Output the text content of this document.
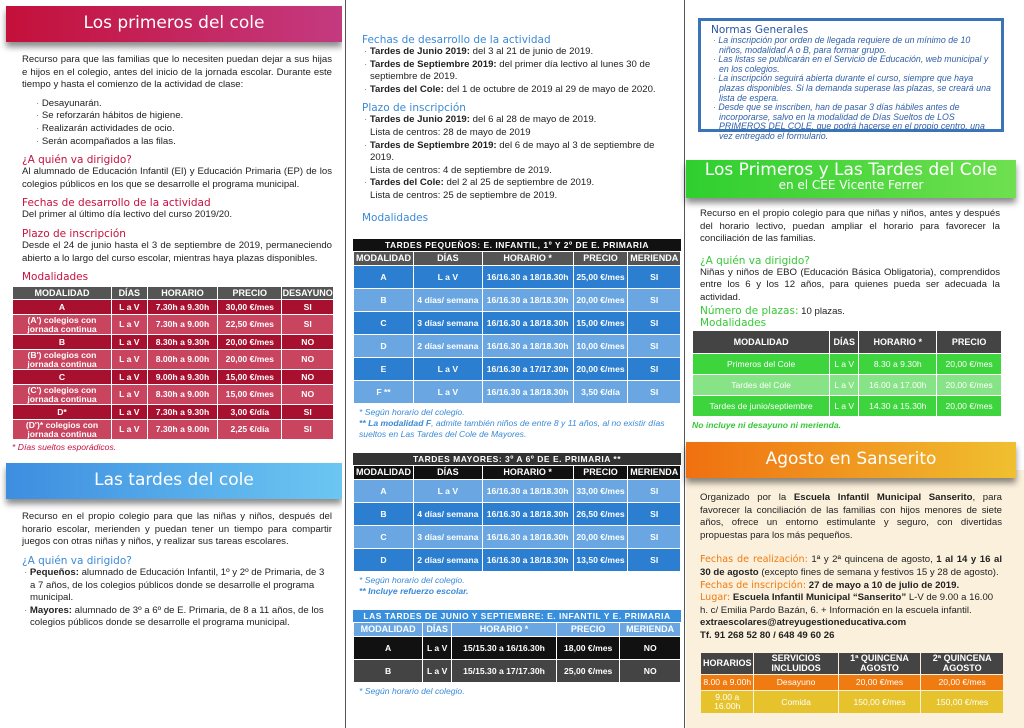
Los primeros del cole

Recurso para que las familias que lo necesiten puedan dejar a sus hijas e hijos en el colegio, antes del inicio de la jornada escolar. Durante este tiempo y hasta el comienzo de la actividad de clase:

· Desayunarán.
· Se reforzarán hábitos de higiene.
· Realizarán actividades de ocio.
· Serán acompañados a las filas.
¿A quién va dirigido?

Al alumnado de Educación Infantil (EI) y Educación Primaria (EP) de los colegios públicos en los que se desarrolle el programa municipal.

Fechas de desarrollo de la actividad

Del primer al último día lectivo del curso 2019/20.

Plazo de inscripción

Desde el 24 de junio hasta el 3 de septiembre de 2019, permaneciendo abierto a lo largo del curso escolar, mientras haya plazas disponibles.

Modalidades
MODALIDAD	DÍAS	HORARIO	PRECIO	DESAYUNO
A	L a V	7.30h a 9.30h	30,00 €/mes	SI
(A') colegios con jornada continua	L a V	7.30h a 9.00h	22,50 €/mes	SI
B	L a V	8.30h a 9.30h	20,00 €/mes	NO
(B') colegios con jornada continua	L a V	8.00h a 9.00h	20,00 €/mes	NO
C	L a V	9.00h a 9.30h	15,00 €/mes	NO
(C') colegios con jornada continua	L a V	8.30h a 9.00h	15,00 €/mes	NO
D*	L a V	7.30h a 9.30h	3,00 €/día	SI
(D')* colegios con jornada continua	L a V	7.30h a 9.00h	2,25 €/día	SI
* Días sueltos esporádicos.
Las tardes del cole

Recurso en el propio colegio para que las niñas y niños, después del horario escolar, merienden y puedan tener un tiempo para compartir juegos con otras niñas y niños, y realizar sus tareas escolares.

¿A quién va dirigido?
· Pequeños: alumnado de Educación Infantil, 1º y 2º de Primaria, de 3 a 7 años, de los colegios públicos donde se desarrolle el programa municipal.
· Mayores: alumnado de 3º a 6º de E. Primaria, de 8 a 11 años, de los colegios públicos donde se desarrolle el programa municipal.
Fechas de desarrollo de la actividad
· Tardes de Junio 2019: del 3 al 21 de junio de 2019.
· Tardes de Septiembre 2019: del primer día lectivo al lunes 30 de septiembre de 2019.
· Tardes del Cole: del 1 de octubre de 2019 al 29 de mayo de 2020.
Plazo de inscripción
· Tardes de Junio 2019: del 6 al 28 de mayo de 2019.
Lista de centros: 28 de mayo de 2019
· Tardes de Septiembre 2019: del 6 de mayo al 3 de septiembre de 2019.
Lista de centros: 4 de septiembre de 2019.
· Tardes del Cole: del 2 al 25 de septiembre de 2019.
Lista de centros: 25 de septiembre de 2019.
Modalidades
TARDES PEQUEÑOS: E. INFANTIL, 1º Y 2º DE E. PRIMARIA
MODALIDAD	DÍAS	HORARIO *	PRECIO	MERIENDA
A	L a V	16/16.30 a 18/18.30h	25,00 €/mes	SI
B	4 días/ semana	16/16.30 a 18/18.30h	20,00 €/mes	SI
C	3 días/ semana	16/16.30 a 18/18.30h	15,00 €/mes	SI
D	2 días/ semana	16/16.30 a 18/18.30h	10,00 €/mes	SI
E	L a V	16/16.30 a 17/17.30h	20,00 €/mes	SI
F **	L a V	16/16.30 a 18/18.30h	3,50 €/día	SI
* Según horario del colegio.
** La modalidad F, admite también niños de entre 8 y 11 años, al no existir días sueltos en Las Tardes del Cole de Mayores.
TARDES MAYORES: 3º A 6º DE E. PRIMARIA **
MODALIDAD	DÍAS	HORARIO *	PRECIO	MERIENDA
A	L a V	16/16.30 a 18/18.30h	33,00 €/mes	SI
B	4 días/ semana	16/16.30 a 18/18.30h	26,50 €/mes	SI
C	3 días/ semana	16/16.30 a 18/18.30h	20,00 €/mes	SI
D	2 días/ semana	16/16.30 a 18/18.30h	13,50 €/mes	SI
* Según horario del colegio.
** Incluye refuerzo escolar.
LAS TARDES DE JUNIO Y SEPTIEMBRE: E. INFANTIL Y E. PRIMARIA
MODALIDAD	DÍAS	HORARIO *	PRECIO	MERIENDA
A	L a V	15/15.30 a 16/16.30h	18,00 €/mes	NO
B	L a V	15/15.30 a 17/17.30h	25,00 €/mes	NO
* Según horario del colegio.
Normas Generales
· La inscripción por orden de llegada requiere de un mínimo de 10 niños, modalidad A o B, para formar grupo.
· Las listas se publicarán en el Servicio de Educación, web municipal y en los colegios.
· La inscripción seguirá abierta durante el curso, siempre que haya plazas disponibles. Si la demanda superase las plazas, se creará una lista de espera.
· Desde que se inscriben, han de pasar 3 días hábiles antes de incorporarse, salvo en la modalidad de Días Sueltos de LOS PRIMEROS DEL COLE, que podrá hacerse en el propio centro, una vez entregado el formulario.
Los Primeros y Las Tardes del Cole
en el CEE Vicente Ferrer

Recurso en el propio colegio para que niñas y niños, antes y después del horario lectivo, puedan ampliar el horario para favorecer la conciliación de las familias.

¿A quién va dirigido?

Niñas y niños de EBO (Educación Básica Obligatoria), comprendidos entre los 6 y los 12 años, para quienes pueda ser adecuada la actividad.

Número de plazas: 10 plazas.
Modalidades
MODALIDAD	DÍAS	HORARIO *	PRECIO
Primeros del Cole	L a V	8.30 a 9.30h	20,00 €/mes
Tardes del Cole	L a V	16.00 a 17.00h	20,00 €/mes
Tardes de junio/septiembre	L a V	14.30 a 15.30h	20,00 €/mes
No incluye ni desayuno ni merienda.
Agosto en Sanserito

Organizado por la Escuela Infantil Municipal Sanserito, para favorecer la conciliación de las familias con hijos menores de siete años, ofrece un entorno estimulante y seguro, con divertidas propuestas para los más pequeños.

Fechas de realización: 1ª y 2ª quincena de agosto, 1 al 14 y 16 al 30 de agosto (excepto fines de semana y festivos 15 y 28 de agosto).

Fechas de inscripción: 27 de mayo a 10 de julio de 2019.

Lugar: Escuela Infantil Municipal “Sanserito” L-V de 9.00 a 16.00 h. c/ Emilia Pardo Bazán, 6. + Información en la escuela infantil.

extraescolares@atreyugestioneducativa.com

Tf. 91 268 52 80 / 648 49 60 26

HORARIOS	SERVICIOS INCLUIDOS	1ª QUINCENA AGOSTO	2ª QUINCENA AGOSTO
8.00 a 9.00h	Desayuno	20,00 €/mes	20,00 €/mes
9.00 a 16.00h	Comida	150,00 €/mes	150,00 €/mes
